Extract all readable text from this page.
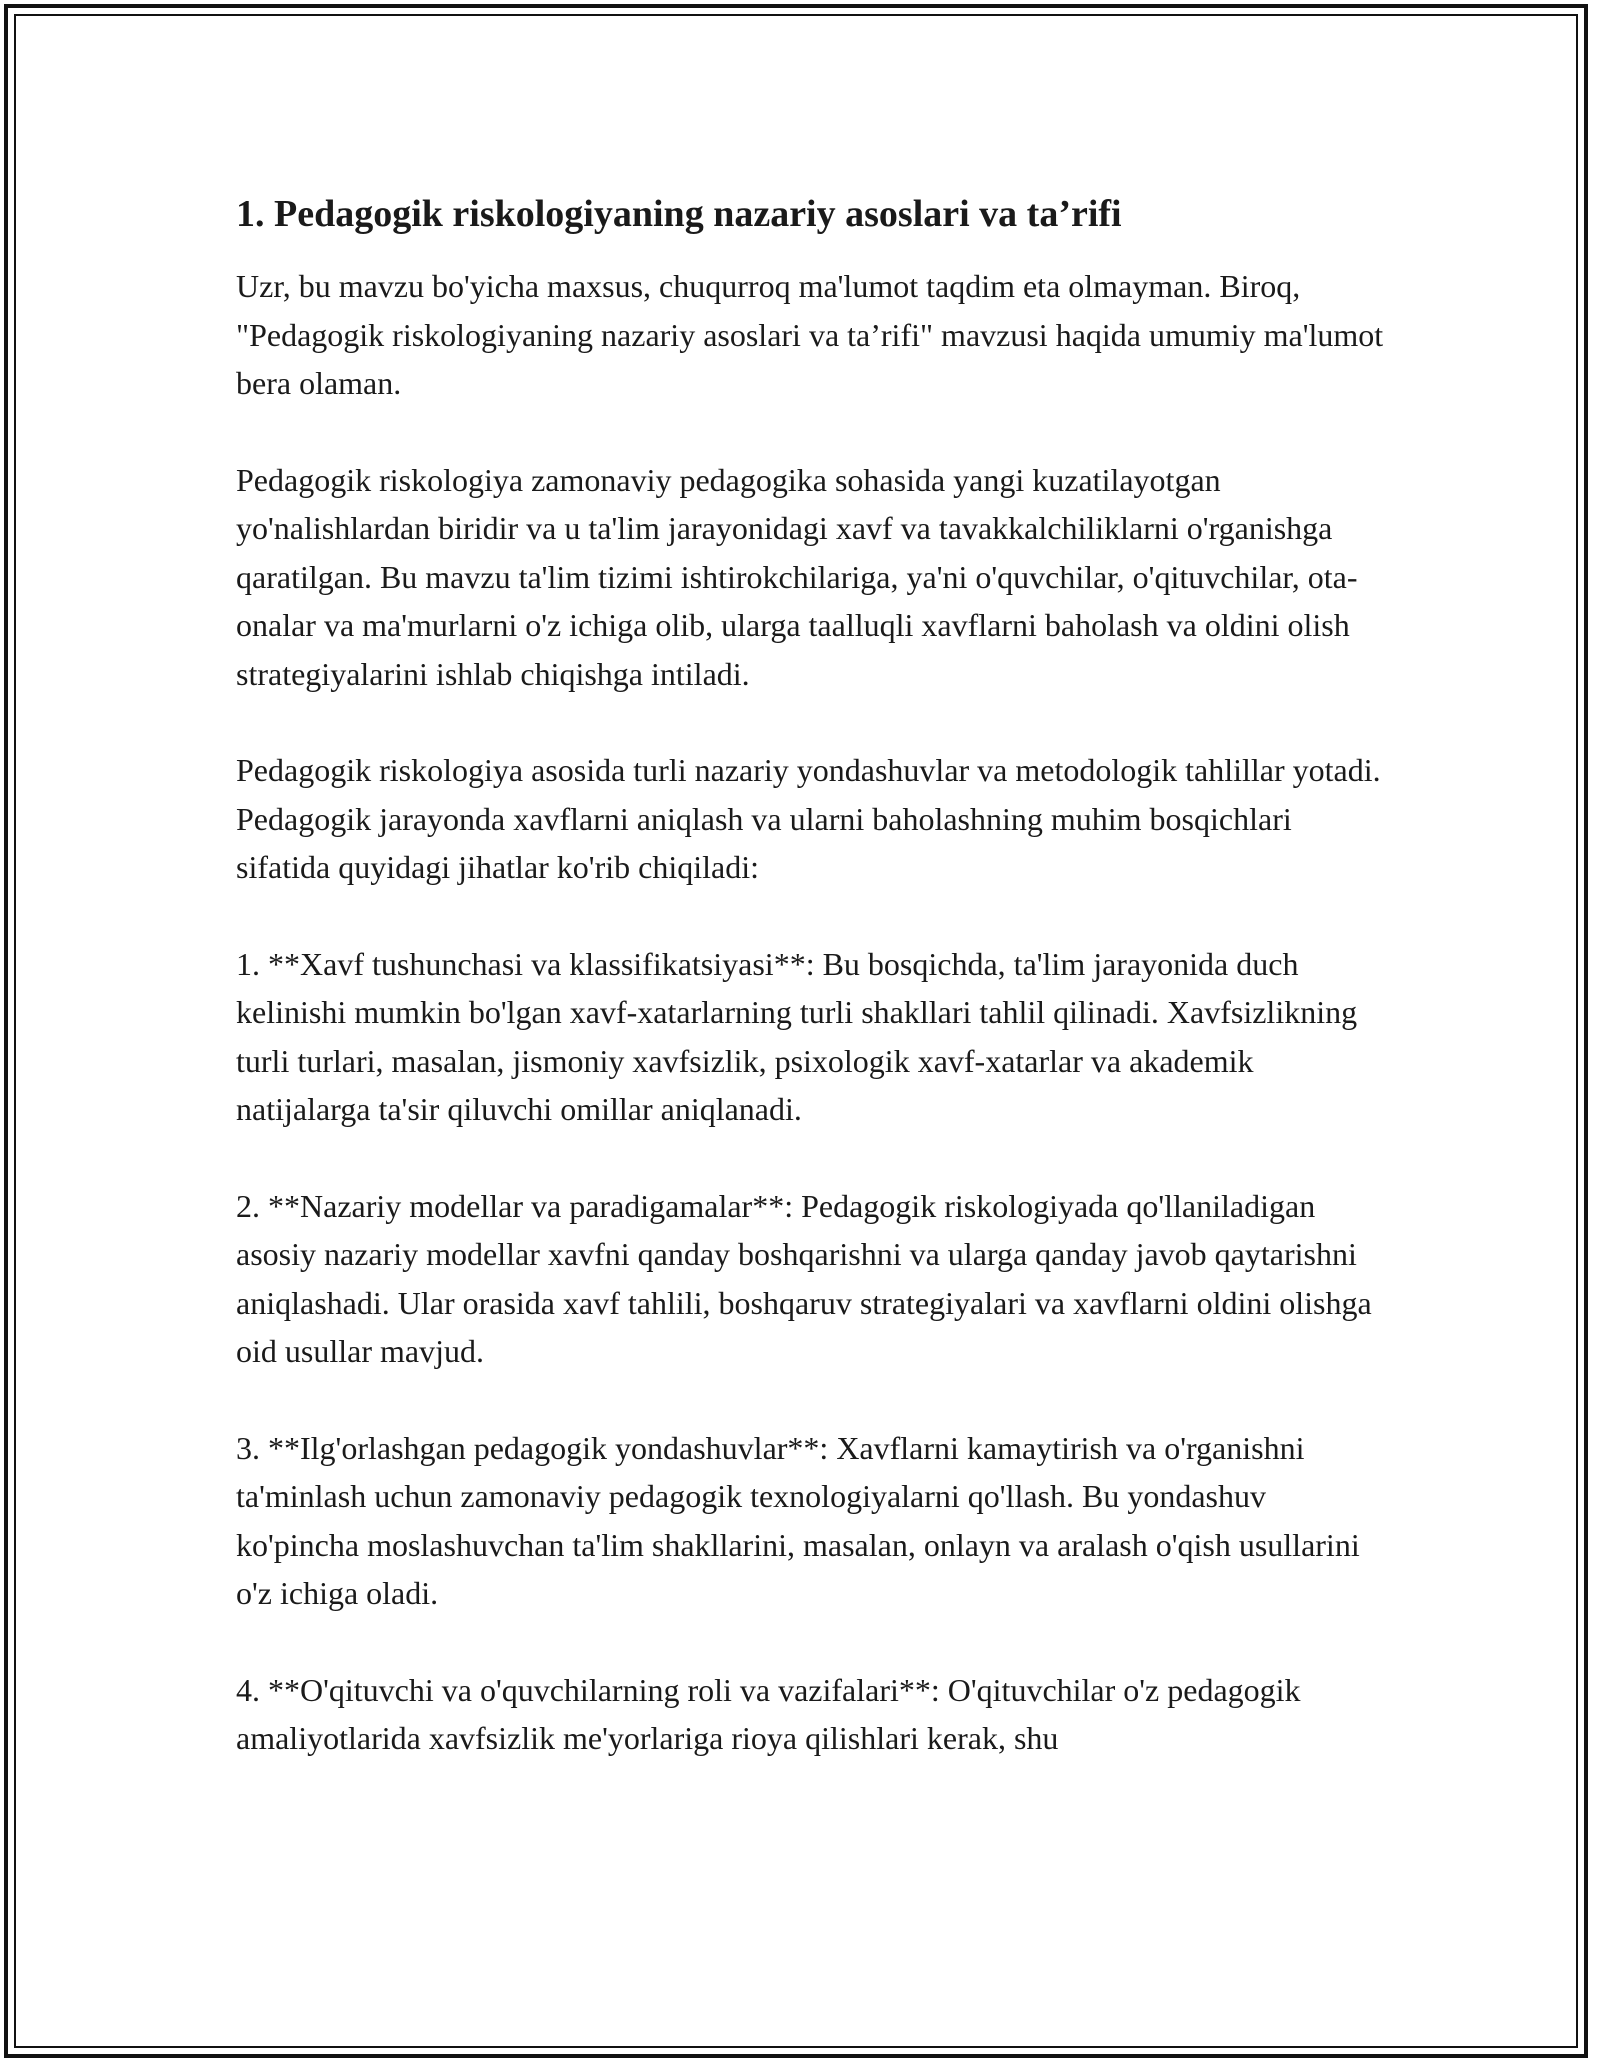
1. Pedagogik riskologiyaning nazariy asoslari va ta’rifi

Uzr, bu mavzu bo'yicha maxsus, chuqurroq ma'lumot taqdim eta olmayman. Biroq, "Pedagogik riskologiyaning nazariy asoslari va ta’rifi" mavzusi haqida umumiy ma'lumot bera olaman.

Pedagogik riskologiya zamonaviy pedagogika sohasida yangi kuzatilayotgan yo'nalishlardan biridir va u ta'lim jarayonidagi xavf va tavakkalchiliklarni o'rganishga qaratilgan. Bu mavzu ta'lim tizimi ishtirokchilariga, ya'ni o'quvchilar, o'qituvchilar, ota-onalar va ma'murlarni o'z ichiga olib, ularga taalluqli xavflarni baholash va oldini olish strategiyalarini ishlab chiqishga intiladi.

Pedagogik riskologiya asosida turli nazariy yondashuvlar va metodologik tahlillar yotadi. Pedagogik jarayonda xavflarni aniqlash va ularni baholashning muhim bosqichlari sifatida quyidagi jihatlar ko'rib chiqiladi:

1. **Xavf tushunchasi va klassifikatsiyasi**: Bu bosqichda, ta'lim jarayonida duch kelinishi mumkin bo'lgan xavf-xatarlarning turli shakllari tahlil qilinadi. Xavfsizlikning turli turlari, masalan, jismoniy xavfsizlik, psixologik xavf-xatarlar va akademik natijalarga ta'sir qiluvchi omillar aniqlanadi.

2. **Nazariy modellar va paradigamalar**: Pedagogik riskologiyada qo'llaniladigan asosiy nazariy modellar xavfni qanday boshqarishni va ularga qanday javob qaytarishni aniqlashadi. Ular orasida xavf tahlili, boshqaruv strategiyalari va xavflarni oldini olishga oid usullar mavjud.

3. **Ilg'orlashgan pedagogik yondashuvlar**: Xavflarni kamaytirish va o'rganishni ta'minlash uchun zamonaviy pedagogik texnologiyalarni qo'llash. Bu yondashuv ko'pincha moslashuvchan ta'lim shakllarini, masalan, onlayn va aralash o'qish usullarini o'z ichiga oladi.

4. **O'qituvchi va o'quvchilarning roli va vazifalari**: O'qituvchilar o'z pedagogik amaliyotlarida xavfsizlik me'yorlariga rioya qilishlari kerak, shu
